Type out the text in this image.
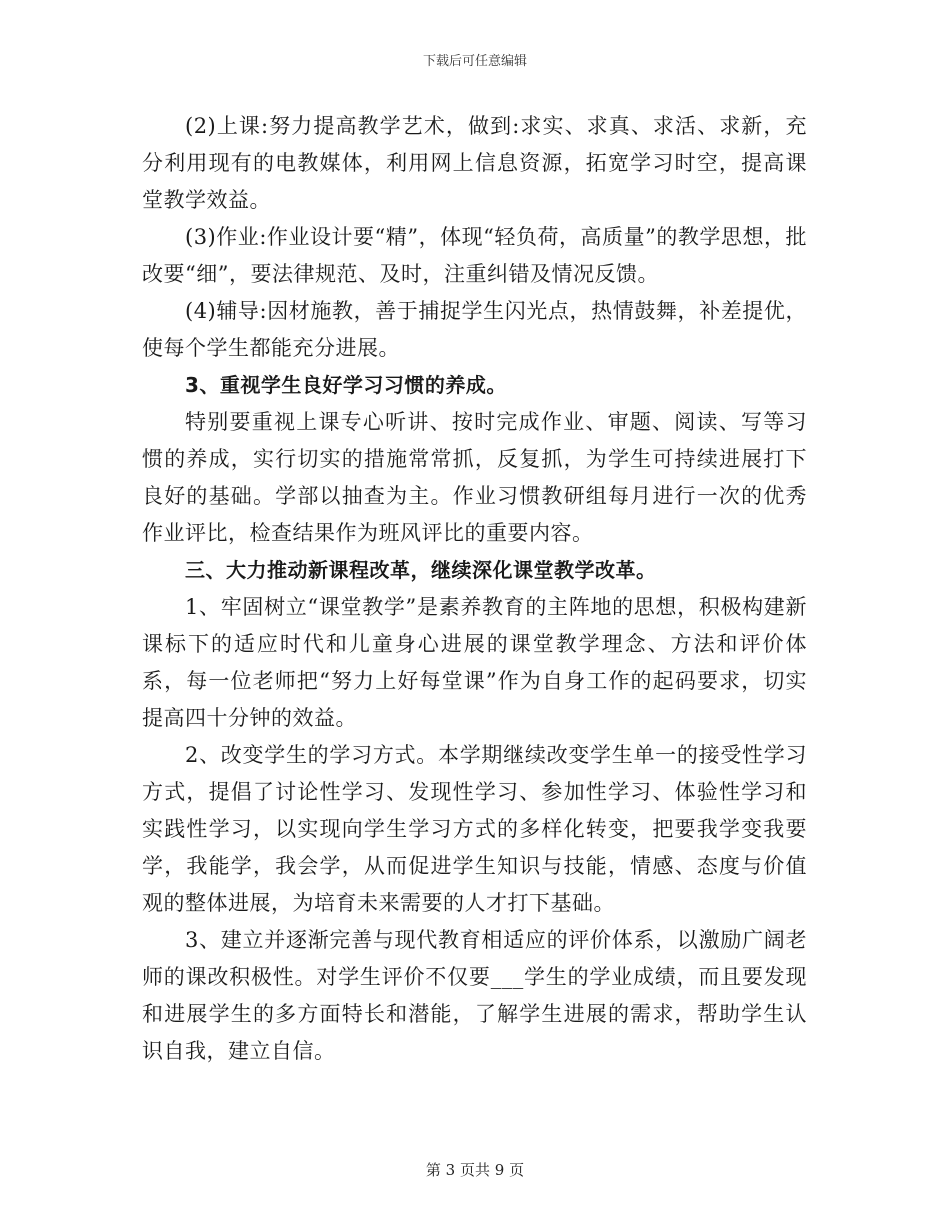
下载后可任意编辑

(2)上课:努力提高教学艺术，做到:求实、求真、求活、求新，充分利用现有的电教媒体，利用网上信息资源，拓宽学习时空，提高课堂教学效益。

(3)作业:作业设计要“精”，体现“轻负荷，高质量”的教学思想，批改要“细”，要法律规范、及时，注重纠错及情况反馈。

(4)辅导:因材施教，善于捕捉学生闪光点，热情鼓舞，补差提优，使每个学生都能充分进展。

3、重视学生良好学习习惯的养成。

特别要重视上课专心听讲、按时完成作业、审题、阅读、写等习惯的养成，实行切实的措施常常抓，反复抓，为学生可持续进展打下良好的基础。学部以抽查为主。作业习惯教研组每月进行一次的优秀作业评比，检查结果作为班风评比的重要内容。

三、大力推动新课程改革，继续深化课堂教学改革。

1、牢固树立“课堂教学”是素养教育的主阵地的思想，积极构建新课标下的适应时代和儿童身心进展的课堂教学理念、方法和评价体系，每一位老师把“努力上好每堂课”作为自身工作的起码要求，切实提高四十分钟的效益。

2、改变学生的学习方式。本学期继续改变学生单一的接受性学习方式，提倡了讨论性学习、发现性学习、参加性学习、体验性学习和实践性学习，以实现向学生学习方式的多样化转变，把要我学变我要学，我能学，我会学，从而促进学生知识与技能，情感、态度与价值观的整体进展，为培育未来需要的人才打下基础。

3、建立并逐渐完善与现代教育相适应的评价体系，以激励广阔老师的课改积极性。对学生评价不仅要___学生的学业成绩，而且要发现和进展学生的多方面特长和潜能，了解学生进展的需求，帮助学生认识自我，建立自信。

第 3 页共 9 页
